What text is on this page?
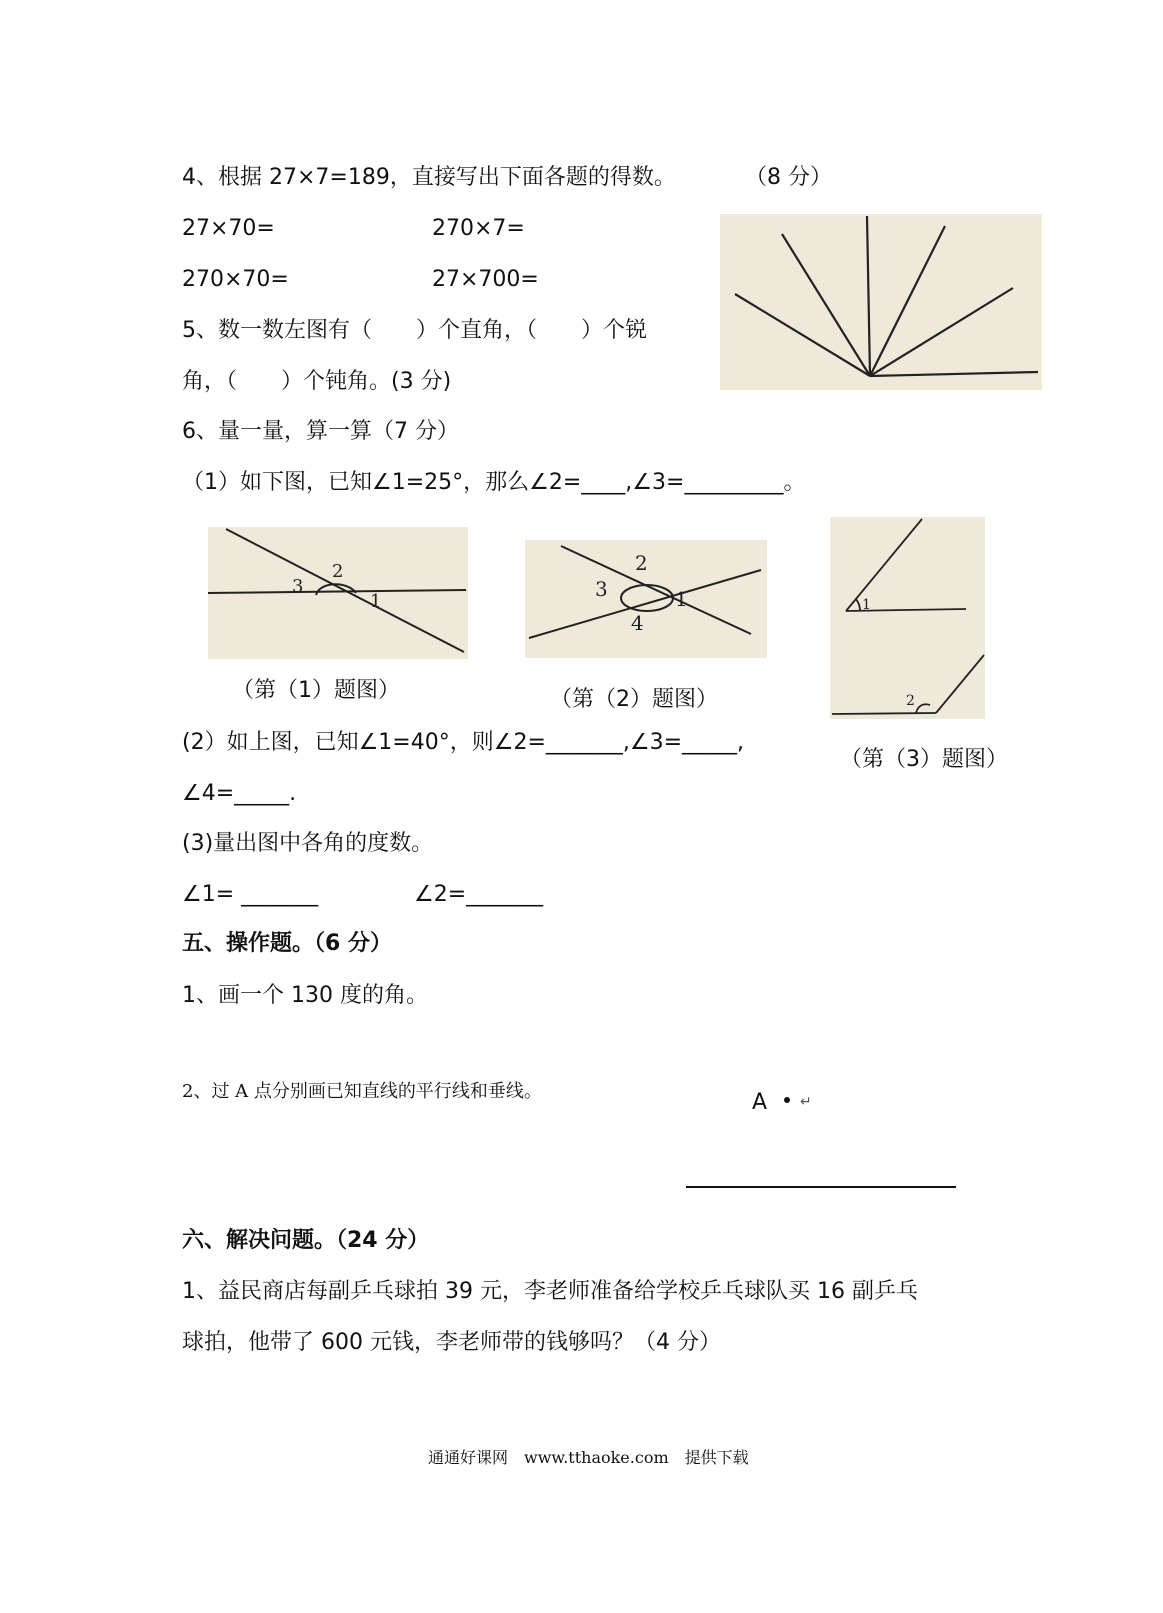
4、根据 27×7=189，直接写出下面各题的得数。	（8 分）
27×70=	270×7=
270×70=	27×700=
5、数一数左图有（　　）个直角，（　　）个锐
角，（　　）个钝角。(3 分)
6、量一量，算一算（7 分）
（1）如下图，已知∠1=25°，那么∠2=____,∠3=_________。
3
2
1
2
3	1
4
1
2
（第（1）题图）	（第（2）题图）
（第（3）题图）
(2）如上图，已知∠1=40°，则∠2=_______,∠3=_____,
∠4=_____.
(3)量出图中各角的度数。
∠1= _______	∠2=_______
五、操作题。（6 分）
1、画一个 130 度的角。
2、过 A 点分别画已知直线的平行线和垂线。	A ↵
六、解决问题。（24 分）
1、益民商店每副乒乓球拍 39 元，李老师准备给学校乒乓球队买 16 副乒乓
球拍，他带了 600 元钱，李老师带的钱够吗？（4 分）
通通好课网　www.tthaoke.com　提供下载
